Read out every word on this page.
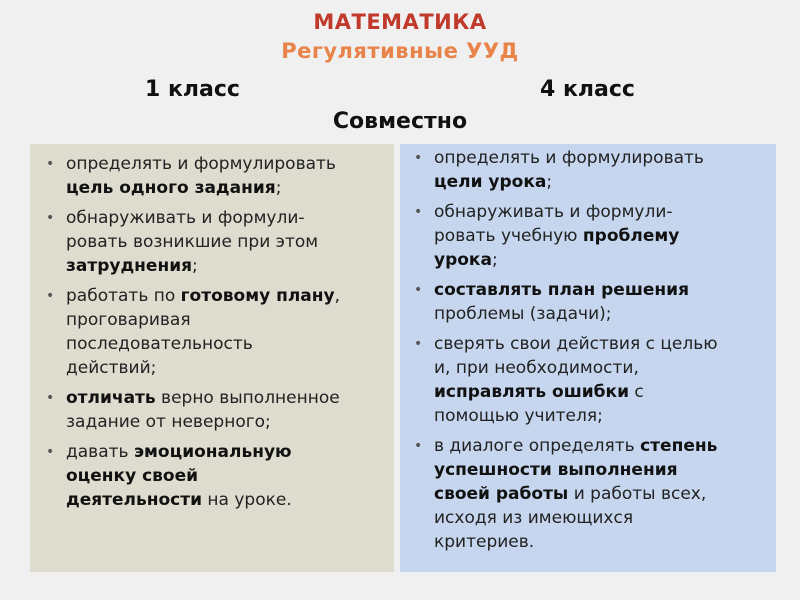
МАТЕМАТИКА
Регулятивные УУД
1 класс	4 класс
Совместно
• определять и формулировать
цель одного задания;
• обнаруживать и формули-
ровать возникшие при этом
затруднения;
• работать по готовому плану,
проговаривая
последовательность
действий;
• отличать верно выполненное
задание от неверного;
• давать эмоциональную
оценку своей
деятельности на уроке.
• определять и формулировать
цели урока;
• обнаруживать и формули-
ровать учебную проблему
урока;
• составлять план решения
проблемы (задачи);
• сверять свои действия с целью
и, при необходимости,
исправлять ошибки с
помощью учителя;
• в диалоге определять степень
успешности выполнения
своей работы и работы всех,
исходя из имеющихся
критериев.
